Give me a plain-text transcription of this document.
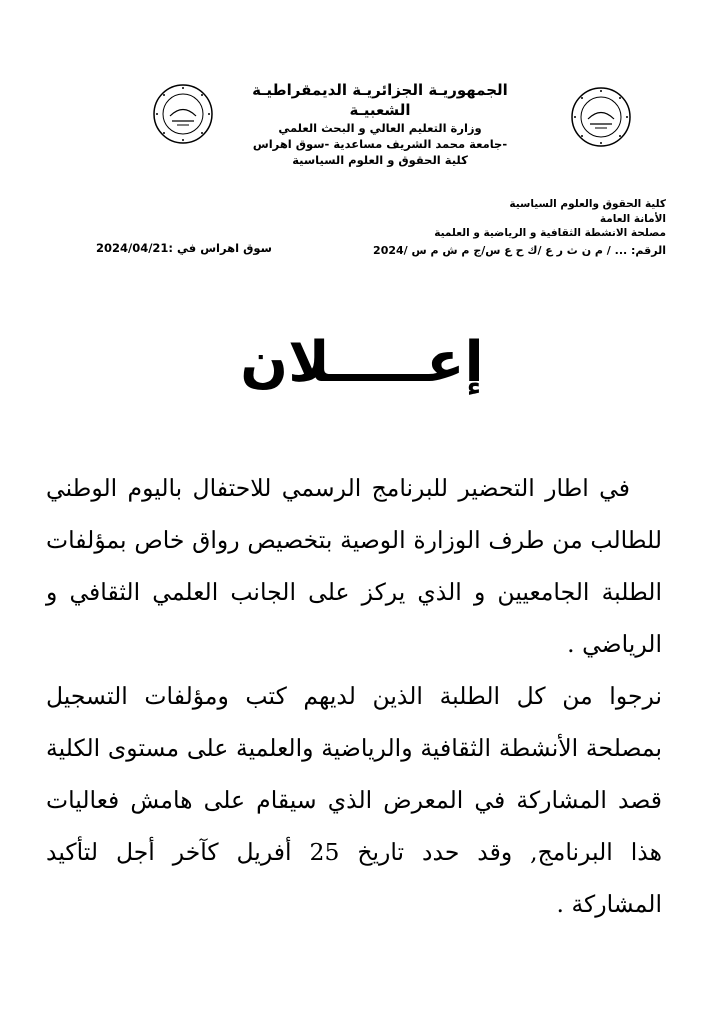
الجمهوريـة الجزائريـة الديمقراطيـة الشعبيـة
وزارة التعليم العالي و البحث العلمي
-جامعة محمد الشريف مساعدية -سوق اهراس
كلية الحقوق و العلوم السياسية
كلية الحقوق والعلوم السياسية
الأمانة العامة
مصلحة الانشطة الثقافية و الرياضية و العلمية
سوق اهراس في :2024/04/21	الرقم: ... / م ن ث ر ع /ك ح ع س/ج م ش م س /2024
إعـــــلان

في اطار التحضير للبرنامج الرسمي للاحتفال باليوم الوطني للطالب من طرف الوزارة الوصية بتخصيص رواق خاص بمؤلفات الطلبة الجامعيين و الذي يركز على الجانب العلمي الثقافي و الرياضي .

نرجوا من كل الطلبة الذين لديهم كتب ومؤلفات التسجيل بمصلحة الأنشطة الثقافية والرياضية والعلمية على مستوى الكلية قصد المشاركة في المعرض الذي سيقام على هامش فعاليات هذا البرنامج, وقد حدد تاريخ 25 أفريل كآخر أجل لتأكيد المشاركة .
